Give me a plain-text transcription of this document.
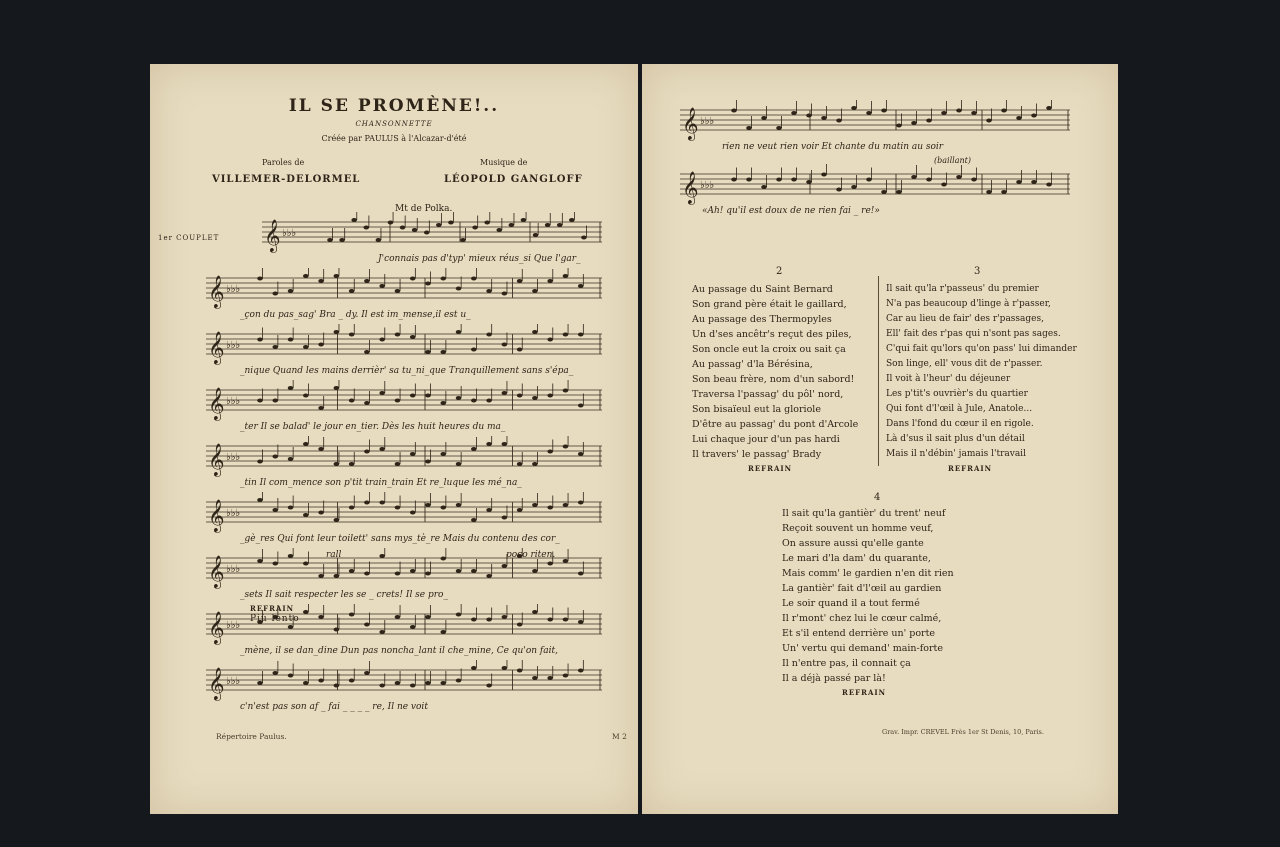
IL SE PROMÈNE!..
CHANSONNETTE
Créée par PAULUS à l'Alcazar-d'été
Paroles de
VILLEMER-DELORMEL
Musique de
LÉOPOLD GANGLOFF
Mt de Polka.
1er COUPLET 𝄞 ♭♭♭
J'connais pas d'typ' mieux réus_si Que l'gar_
𝄞 ♭♭♭
_çon du pas_sag' Bra _ dy. Il est im_mense,il est u_
𝄞 ♭♭♭
_nique Quand les mains derrièr' sa tu_ni_que Tranquillement sans s'épa_
𝄞 ♭♭♭
_ter Il se balad' le jour en_tier. Dès les huit heures du ma_
𝄞 ♭♭♭
_tin Il com_mence son p'tit train_train Et re_luque les mé_na_
𝄞 ♭♭♭
_gè_res Qui font leur toilett' sans mys_tè_re Mais du contenu des cor_
𝄞 ♭♭♭
_sets Il sait respecter les se _ crets! Il se pro_
𝄞 ♭♭♭
_mène, il se dan_dine Dun pas noncha_lant il che_mine, Ce qu'on fait,
𝄞 ♭♭♭
c'n'est pas son af _ fai _ _ _ _ re, Il ne voit
rall	poco riten.
REFRAIN
Più lento
Répertoire Paulus.	M 2
𝄞 ♭♭♭
rien ne veut rien voir Et chante du matin au soir
𝄞 ♭♭♭
«Ah! qu'il est doux de ne rien fai _ re!»
(baillant)
2
Au passage du Saint Bernard
Son grand père était le gaillard,
Au passage des Thermopyles
Un d'ses ancêtr's reçut des piles,
Son oncle eut la croix ou sait ça
Au passag' d'la Bérésina,
Son beau frère, nom d'un sabord!
Traversa l'passag' du pôl' nord,
Son bisaïeul eut la gloriole
D'être au passag' du pont d'Arcole
Lui chaque jour d'un pas hardi
Il travers' le passag' Brady
REFRAIN
3
Il sait qu'la r'passeus' du premier
N'a pas beaucoup d'linge à r'passer,
Car au lieu de fair' des r'passages,
Ell' fait des r'pas qui n'sont pas sages.
C'qui fait qu'lors qu'on pass' lui dimander
Son linge, ell' vous dit de r'passer.
Il voit à l'heur' du déjeuner
Les p'tit's ouvrièr's du quartier
Qui font d'l'œil à Jule, Anatole...
Dans l'fond du cœur il en rigole.
Là d'sus il sait plus d'un détail
Mais il n'débin' jamais l'travail
REFRAIN
4
Il sait qu'la gantièr' du trent' neuf
Reçoit souvent un homme veuf,
On assure aussi qu'elle gante
Le mari d'la dam' du quarante,
Mais comm' le gardien n'en dit rien
La gantièr' fait d'l'œil au gardien
Le soir quand il a tout fermé
Il r'mont' chez lui le cœur calmé,
Et s'il entend derrière un' porte
Un' vertu qui demand' main-forte
Il n'entre pas, il connait ça
Il a déjà passé par là!
REFRAIN
Grav. Impr. CREVEL Frès 1er St Denis, 10, Paris.
